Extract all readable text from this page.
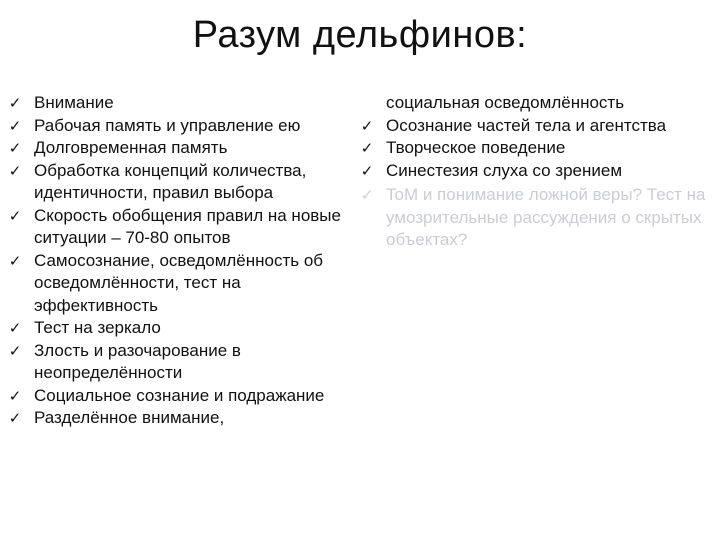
Разум дельфинов:
✓ Внимание
✓ Рабочая память и управление ею
✓ Долговременная память
✓ Обработка концепций количества, идентичности, правил выбора
✓ Скорость обобщения правил на новые ситуации – 70-80 опытов
✓ Самосознание, осведомлённость об осведомлённости, тест на эффективность
✓ Тест на зеркало
✓ Злость и разочарование в неопределённости
✓ Социальное сознание и подражание
✓ Разделённое внимание,
социальная осведомлённость
✓ Осознание частей тела и агентства
✓ Творческое поведение
✓ Синестезия слуха со зрением
✓ ToM и понимание ложной веры? Тест на умозрительные рассуждения о скрытых объектах?
